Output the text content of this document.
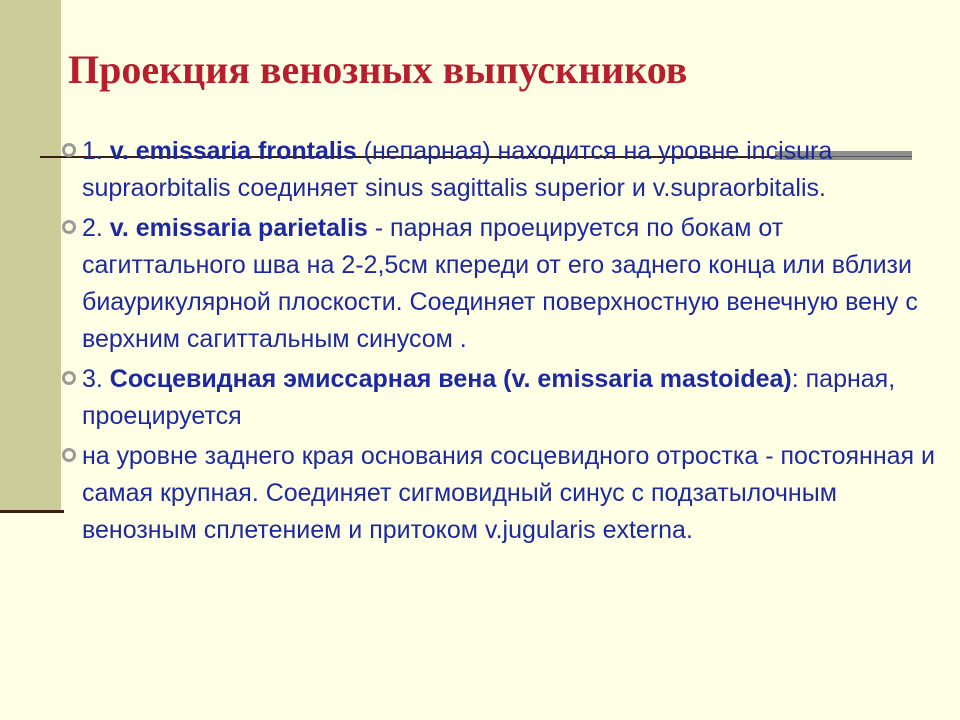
Проекция венозных выпускников
1. v. emissaria frontalis (непарная) находится на уровне incisura supraorbitalis соединяет sinus sagittalis superior и v.supraorbitalis.
2. v. emissaria parietalis - парная проецируется по бокам от сагиттального шва на 2-2,5см кпереди от его заднего конца или вблизи биаурикулярной плоскости. Соединяет поверхностную венечную вену с верхним сагиттальным синусом .
3. Сосцевидная эмиссарная вена (v. emissaria mastoidea): парная, проецируется
на уровне заднего края основания сосцевидного отростка - постоянная и самая крупная. Соединяет сигмовидный синус с подзатылочным венозным сплетением и притоком v.jugularis externa.
